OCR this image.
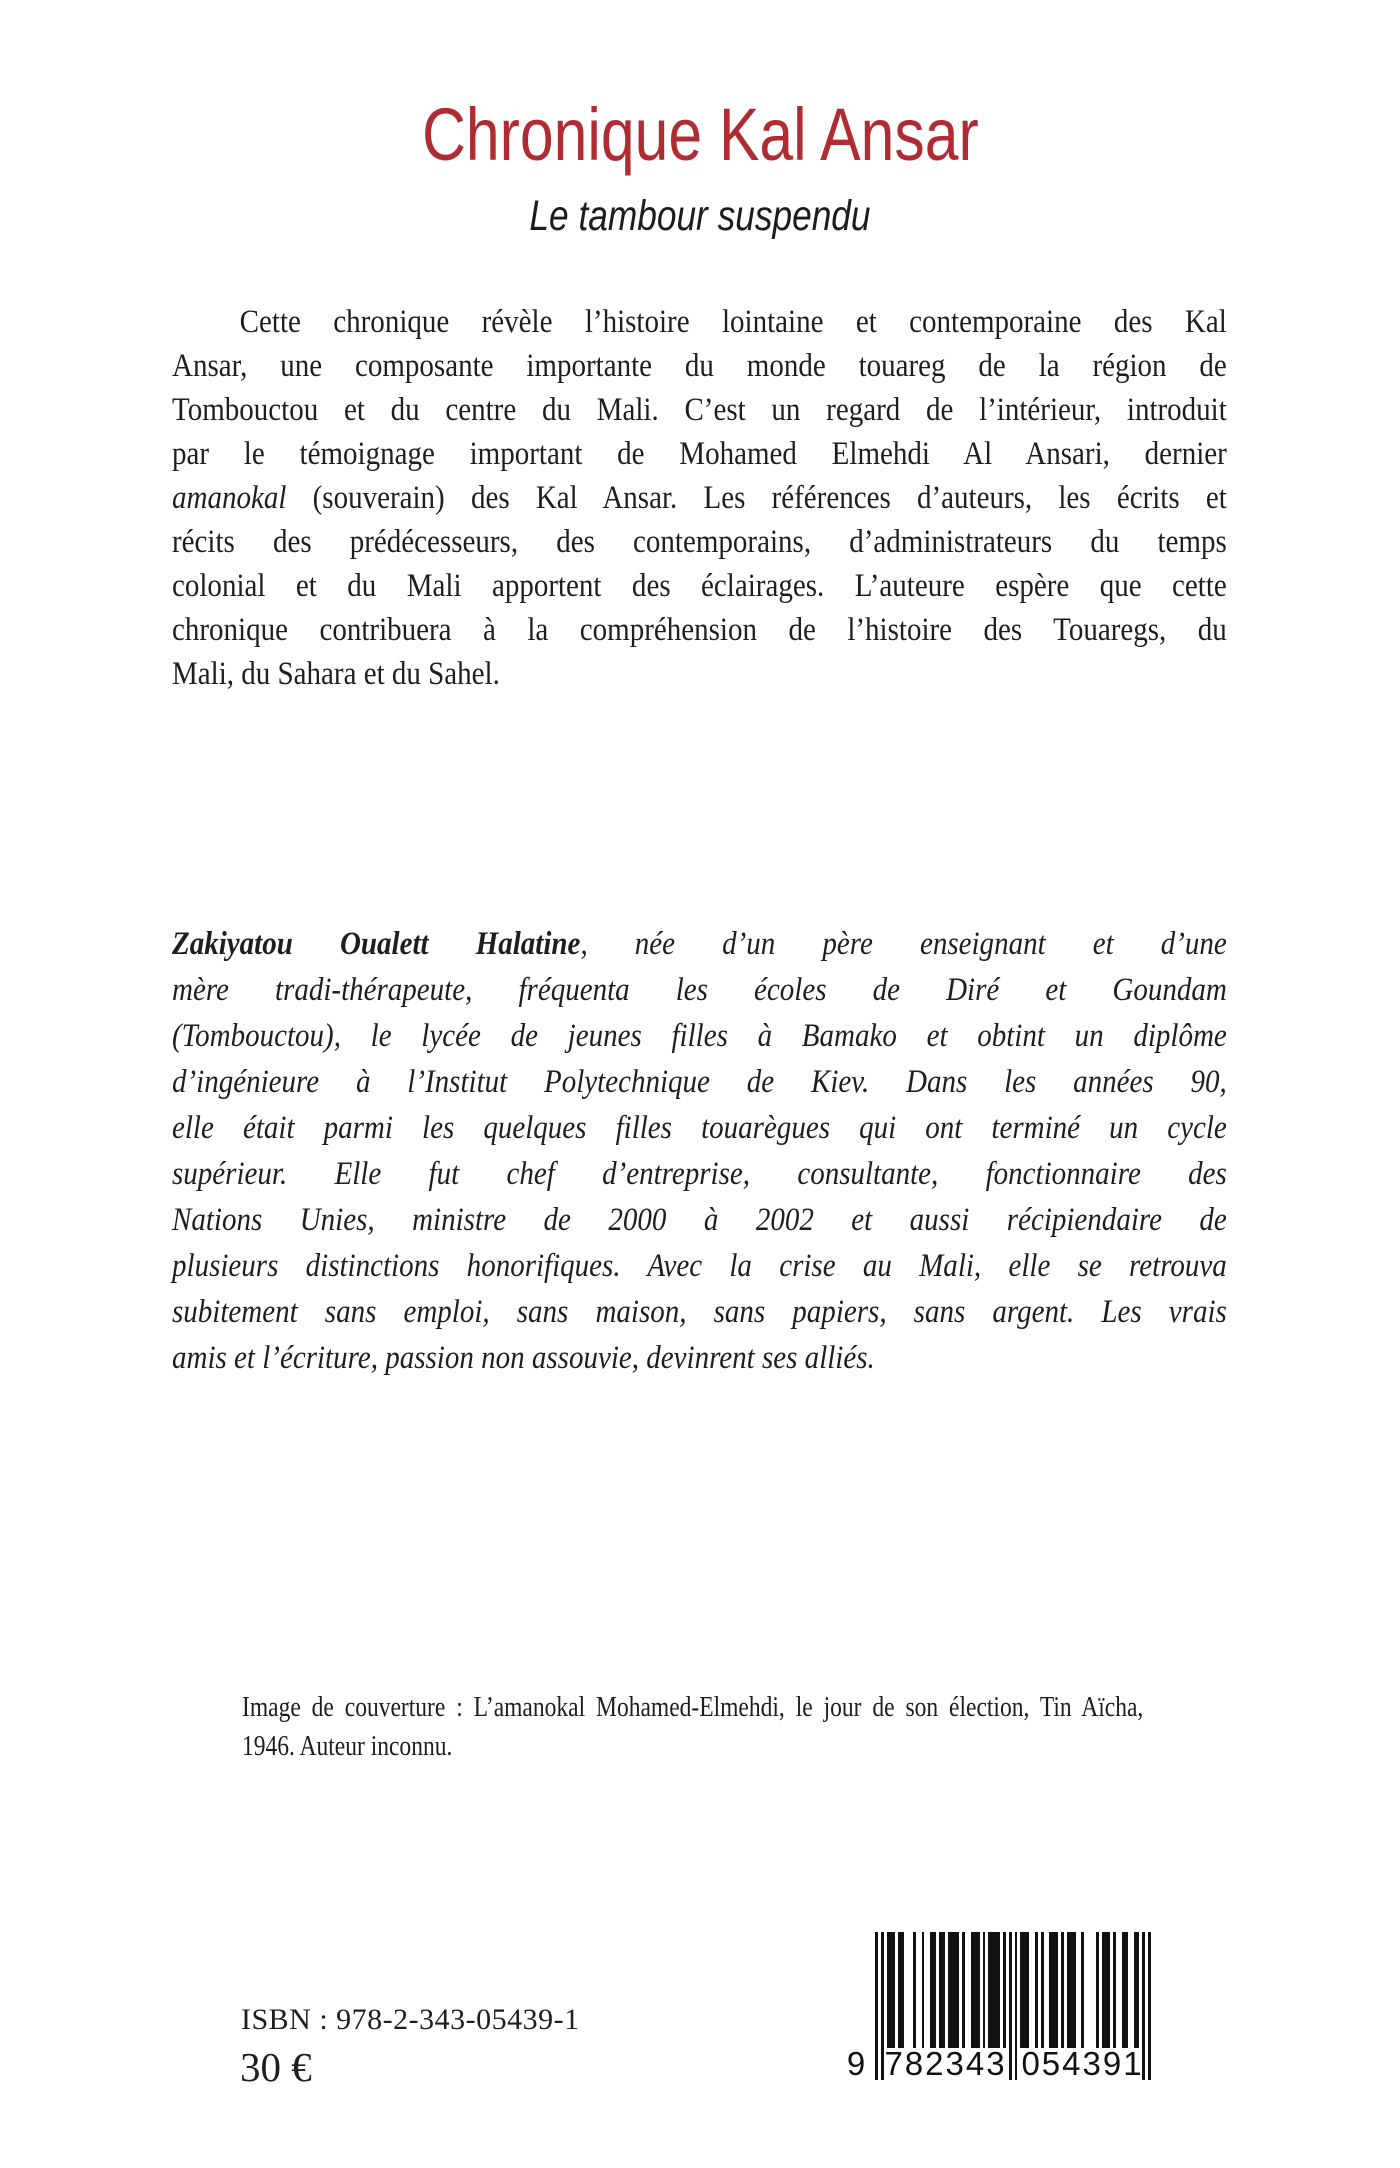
Chronique Kal Ansar
Le tambour suspendu
Cette chronique révèle l’histoire lointaine et contemporaine des Kal
Ansar, une composante importante du monde touareg de la région de
Tombouctou et du centre du Mali. C’est un regard de l’intérieur, introduit
par le témoignage important de Mohamed Elmehdi Al Ansari, dernier
amanokal (souverain) des Kal Ansar. Les références d’auteurs, les écrits et
récits des prédécesseurs, des contemporains, d’administrateurs du temps
colonial et du Mali apportent des éclairages. L’auteure espère que cette
chronique contribuera à la compréhension de l’histoire des Touaregs, du
Mali, du Sahara et du Sahel.
Zakiyatou Oualett Halatine, née d’un père enseignant et d’une
mère tradi-thérapeute, fréquenta les écoles de Diré et Goundam
(Tombouctou), le lycée de jeunes filles à Bamako et obtint un diplôme
d’ingénieure à l’Institut Polytechnique de Kiev. Dans les années 90,
elle était parmi les quelques filles touarègues qui ont terminé un cycle
supérieur. Elle fut chef d’entreprise, consultante, fonctionnaire des
Nations Unies, ministre de 2000 à 2002 et aussi récipiendaire de
plusieurs distinctions honorifiques. Avec la crise au Mali, elle se retrouva
subitement sans emploi, sans maison, sans papiers, sans argent. Les vrais
amis et l’écriture, passion non assouvie, devinrent ses alliés.
Image de couverture : L’amanokal Mohamed-Elmehdi, le jour de son élection, Tin Aïcha,
1946. Auteur inconnu.
ISBN : 978-2-343-05439-1
30 €	9 782343 054391
